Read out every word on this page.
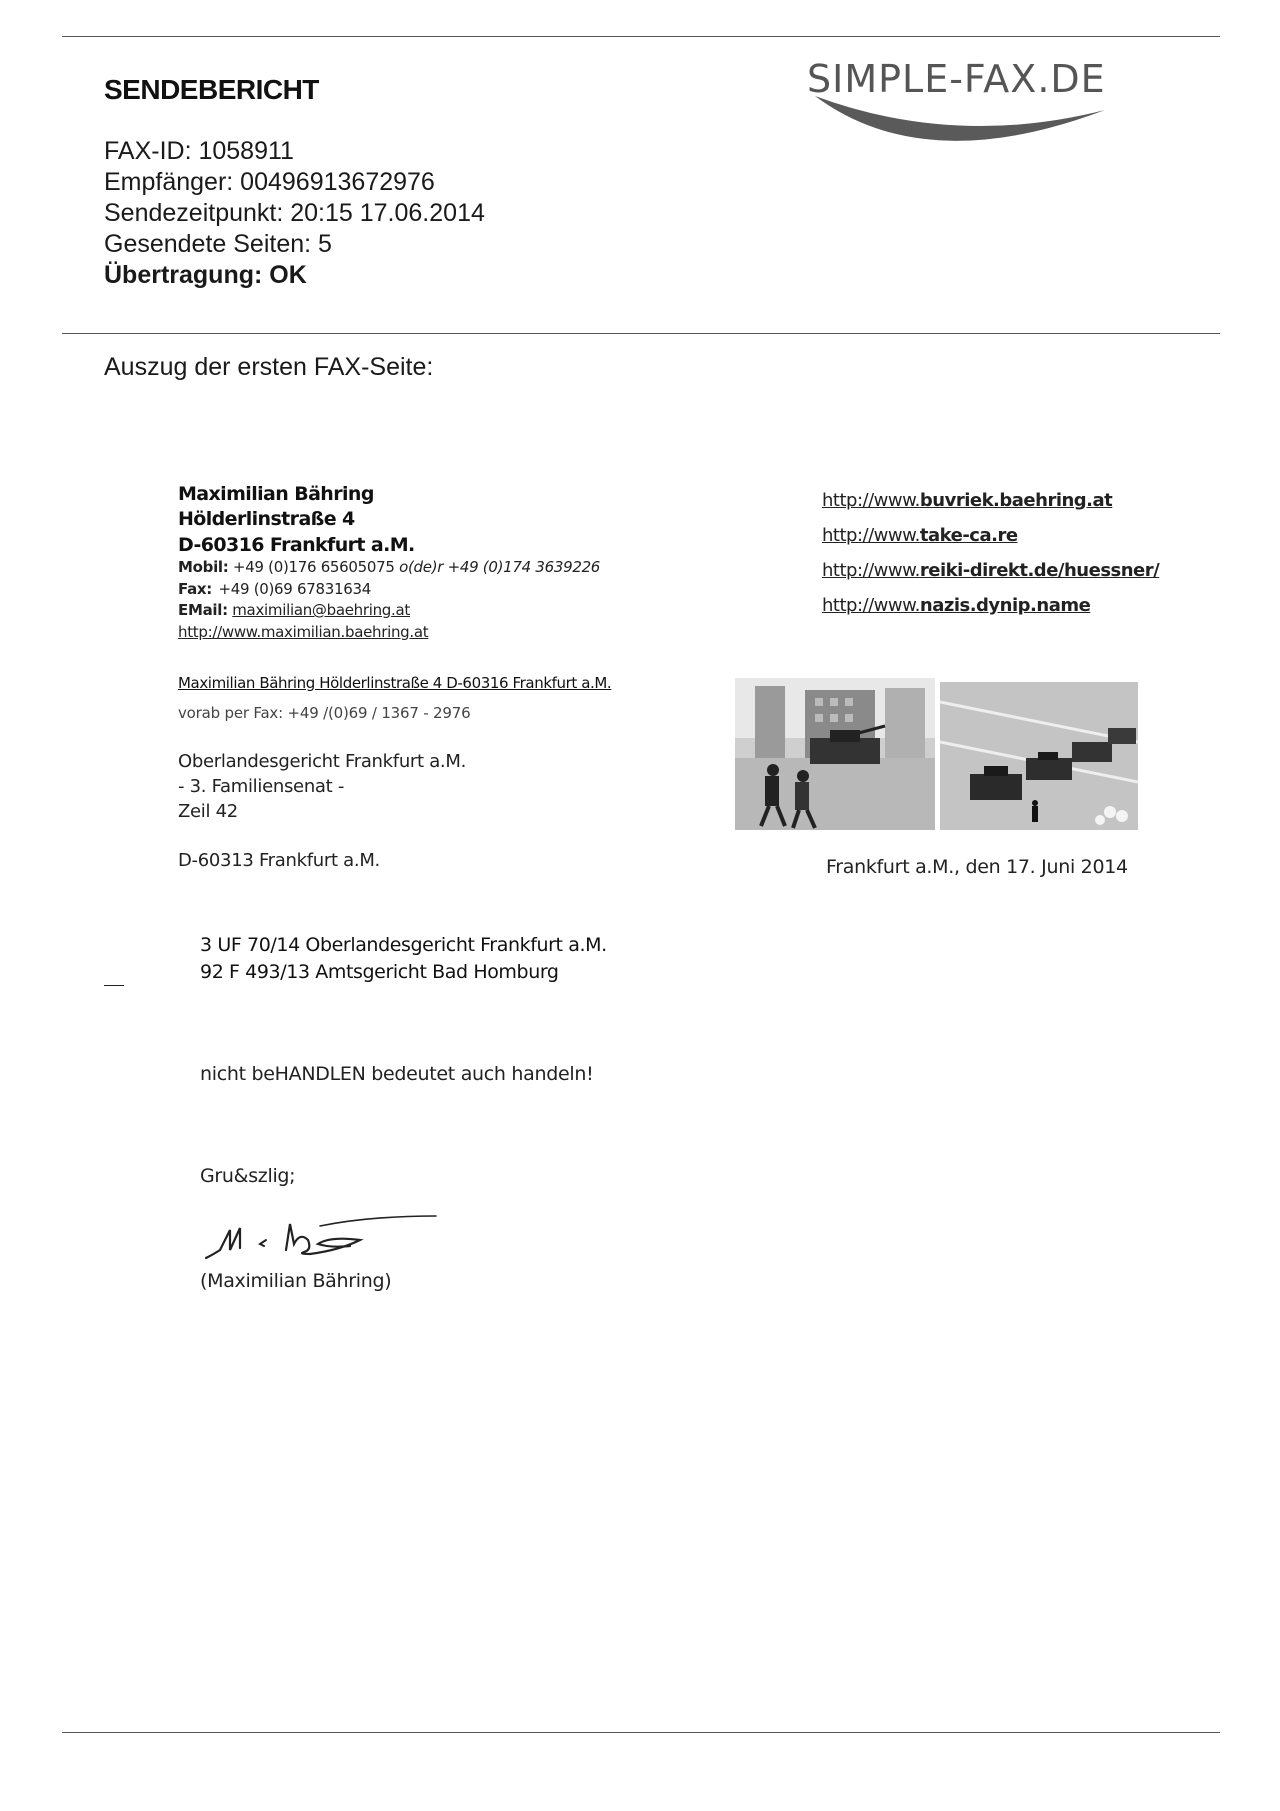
SENDEBERICHT	SIMPLE-FAX.DE
FAX-ID: 1058911
Empfänger: 00496913672976
Sendezeitpunkt: 20:15 17.06.2014
Gesendete Seiten: 5
Übertragung: OK
Auszug der ersten FAX-Seite:
Maximilian Bähring
Hölderlinstraße 4
D-60316 Frankfurt a.M.
Mobil: +49 (0)176 65605075 o(de)r +49 (0)174 3639226
Fax: +49 (0)69 67831634
EMail: maximilian@baehring.at
http://www.maximilian.baehring.at
http://www.buvriek.baehring.at
http://www.take-ca.re
http://www.reiki-direkt.de/huessner/
http://www.nazis.dynip.name
Maximilian Bähring Hölderlinstraße 4 D-60316 Frankfurt a.M.
vorab per Fax: +49 /(0)69 / 1367 - 2976
Oberlandesgericht Frankfurt a.M.
- 3. Familiensenat -
Zeil 42
D-60313 Frankfurt a.M.	Frankfurt a.M., den 17. Juni 2014
3 UF 70/14 Oberlandesgericht Frankfurt a.M.
92 F 493/13 Amtsgericht Bad Homburg
nicht beHANDLEN bedeutet auch handeln!
Gru&szlig;
(Maximilian Bähring)
